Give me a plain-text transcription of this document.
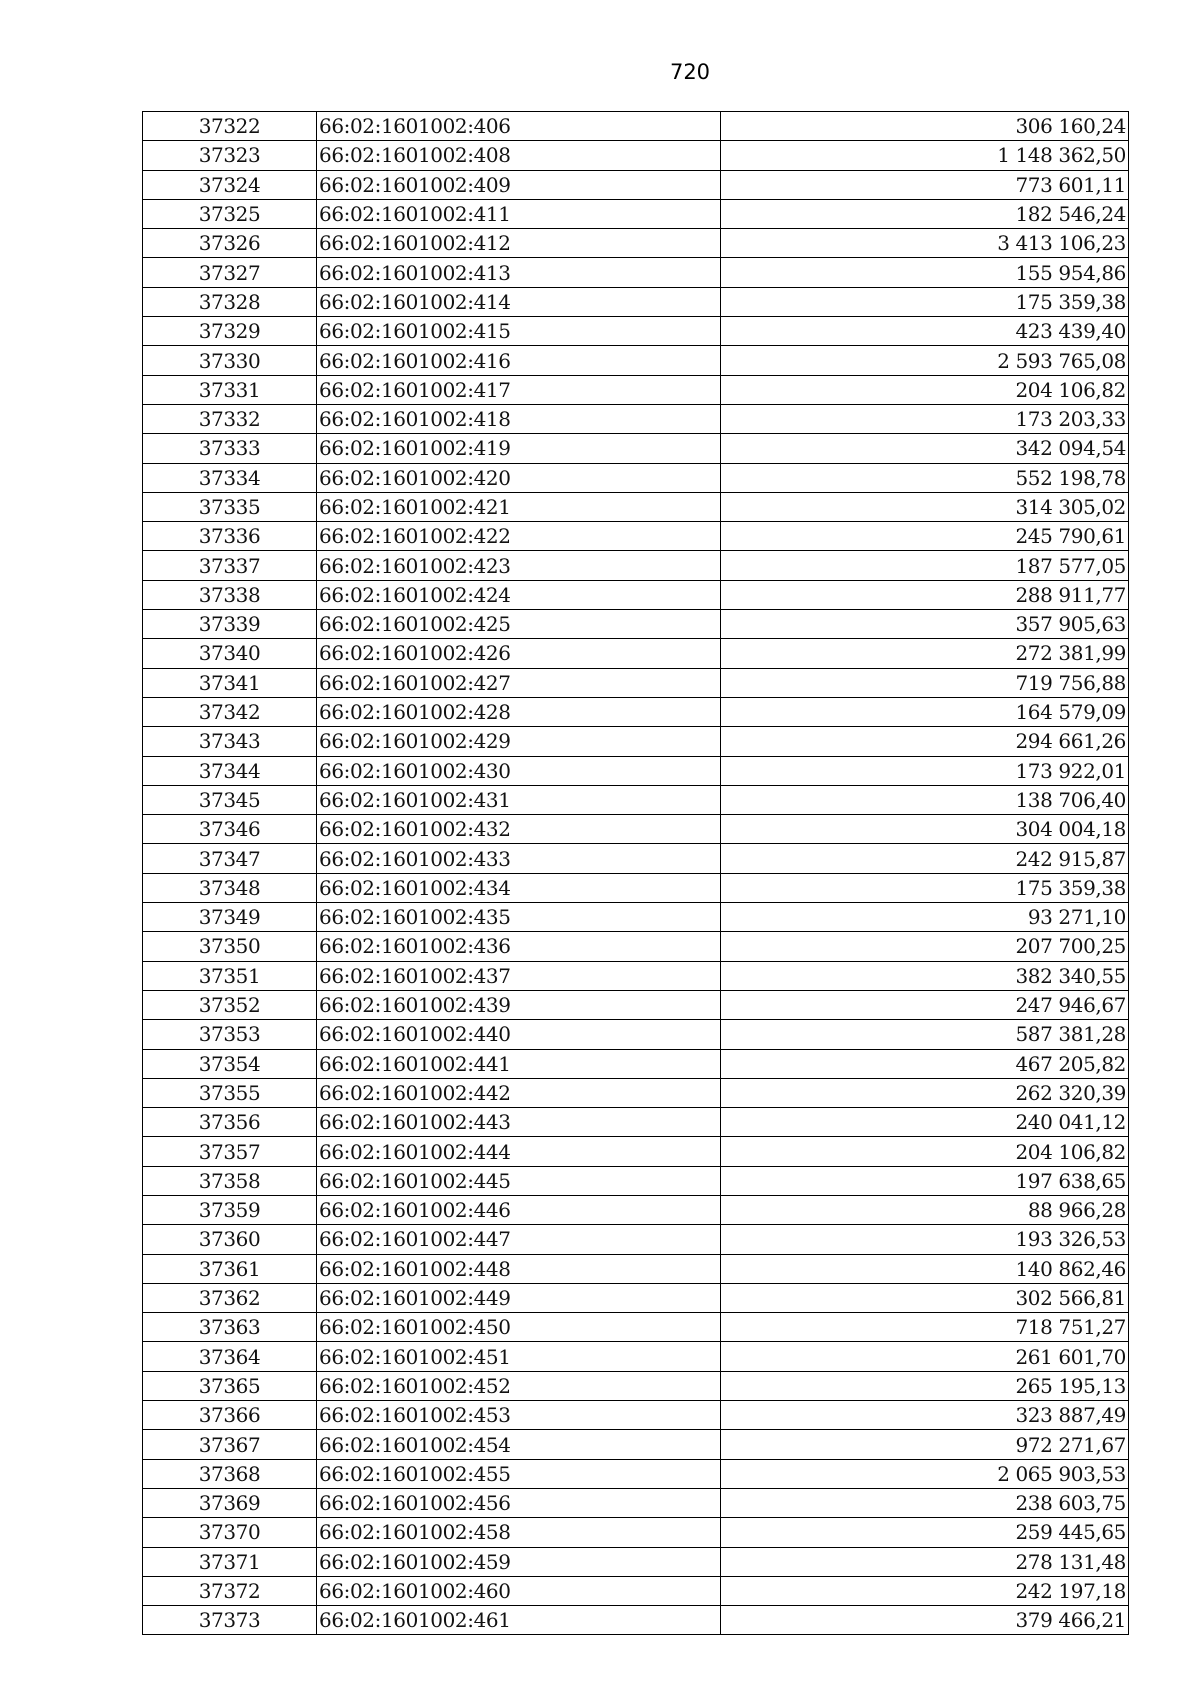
720
37322	66:02:1601002:406	306 160,24
37323	66:02:1601002:408	1 148 362,50
37324	66:02:1601002:409	773 601,11
37325	66:02:1601002:411	182 546,24
37326	66:02:1601002:412	3 413 106,23
37327	66:02:1601002:413	155 954,86
37328	66:02:1601002:414	175 359,38
37329	66:02:1601002:415	423 439,40
37330	66:02:1601002:416	2 593 765,08
37331	66:02:1601002:417	204 106,82
37332	66:02:1601002:418	173 203,33
37333	66:02:1601002:419	342 094,54
37334	66:02:1601002:420	552 198,78
37335	66:02:1601002:421	314 305,02
37336	66:02:1601002:422	245 790,61
37337	66:02:1601002:423	187 577,05
37338	66:02:1601002:424	288 911,77
37339	66:02:1601002:425	357 905,63
37340	66:02:1601002:426	272 381,99
37341	66:02:1601002:427	719 756,88
37342	66:02:1601002:428	164 579,09
37343	66:02:1601002:429	294 661,26
37344	66:02:1601002:430	173 922,01
37345	66:02:1601002:431	138 706,40
37346	66:02:1601002:432	304 004,18
37347	66:02:1601002:433	242 915,87
37348	66:02:1601002:434	175 359,38
37349	66:02:1601002:435	93 271,10
37350	66:02:1601002:436	207 700,25
37351	66:02:1601002:437	382 340,55
37352	66:02:1601002:439	247 946,67
37353	66:02:1601002:440	587 381,28
37354	66:02:1601002:441	467 205,82
37355	66:02:1601002:442	262 320,39
37356	66:02:1601002:443	240 041,12
37357	66:02:1601002:444	204 106,82
37358	66:02:1601002:445	197 638,65
37359	66:02:1601002:446	88 966,28
37360	66:02:1601002:447	193 326,53
37361	66:02:1601002:448	140 862,46
37362	66:02:1601002:449	302 566,81
37363	66:02:1601002:450	718 751,27
37364	66:02:1601002:451	261 601,70
37365	66:02:1601002:452	265 195,13
37366	66:02:1601002:453	323 887,49
37367	66:02:1601002:454	972 271,67
37368	66:02:1601002:455	2 065 903,53
37369	66:02:1601002:456	238 603,75
37370	66:02:1601002:458	259 445,65
37371	66:02:1601002:459	278 131,48
37372	66:02:1601002:460	242 197,18
37373	66:02:1601002:461	379 466,21
